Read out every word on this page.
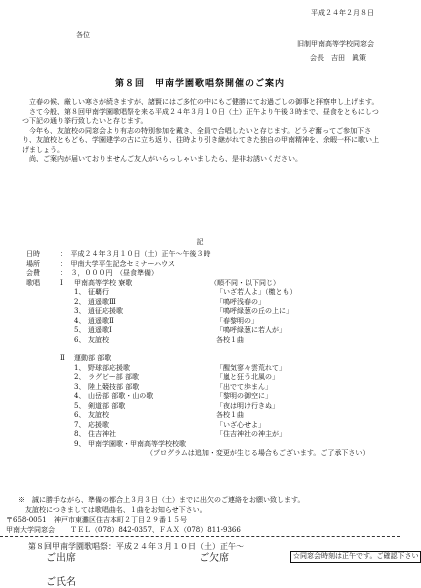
平成２４年２月８日
各位
旧制甲南高等学校同窓会
会長　吉田　眞策
第８回　甲南学園歌唱祭開催のご案内

立春の候、厳しい寒さが続きますが、諸賢にはご多忙の中にもご健勝にてお過ごしの御事と拝察申し上げます。

さて今般、第８回甲南学園歌唱祭を来る平成２４年３月１０日（土）正午より午後３時まで、昼食をともにしつつ下記の通り挙行致したいと存じます。

今年も、友誼校の同窓会より有志の特別参加を戴き、全員で合唱したいと存じます。どうぞ奮ってご参加下さり、友誼校ともども、学園建学の古に立ち返り、往時より引き継がれてきた独自の甲南精神を、余暇一杯に歌い上げましょう。

尚、ご案内が届いておりませんご友人がいらっしゃいましたら、是非お誘いください。

記
日時	：　平成２４年３月１０日（土）正午～午後３時
場所	：　甲南大学平生記念セミナーハウス
会費	：　３，０００円　（昼食準備）
歌唱	Ⅰ	甲南高等学校 寮歌	（順不同・以下同じ）
1、 征覇行	「いざ若人よ」（檄とも）
2、 逍遥歌Ⅲ	「鳴呼浅春の」
3、 逍征応援歌	「鳴呼緑葱の丘の上に」
4、 逍遥歌Ⅱ	「春黎明の」
5、 逍遥歌Ⅰ	「鳴呼緑葱に若人が」
6、 友誼校	各校１曲
Ⅱ	運動部 部歌
1、 野球部応援歌	「醒気寥々雲荒れて」
2、 ラグビー部 部歌	「嵐と狂う北風の」
3、 陸上競技部 部歌	「出でて歩まん」
4、 山岳部 部歌・山の歌	「黎明の御空に」
5、 剣道部 部歌	「夜は明け行きぬ」
6、 友誼校	各校１曲
7、 応援歌	「いざ心せよ」
8、 住吉神社	「住吉神社の神主が」
9、 甲南学園歌・甲南高等学校校歌
（プログラムは追加・変更が生じる場合もございます。ご了承下さい）
※　誠に勝手ながら、準備の都合上３月３日（土）までに出欠のご連絡をお願い致します。
　友誼校につきましては歌唱曲名、１曲をお知らせ下さい。
〒658-0051	神戸市東灘区住吉本町２丁目２９番１５号
甲南大学同窓会	ＴＥＬ（078）842-0357、ＦＡＸ（078）811-9366
第８回甲南学園歌唱祭：平成２４年３月１０日（土）正午～
☆同窓会時刻は正午です。ご確認下さい
ご出席	ご欠席
ご氏名
